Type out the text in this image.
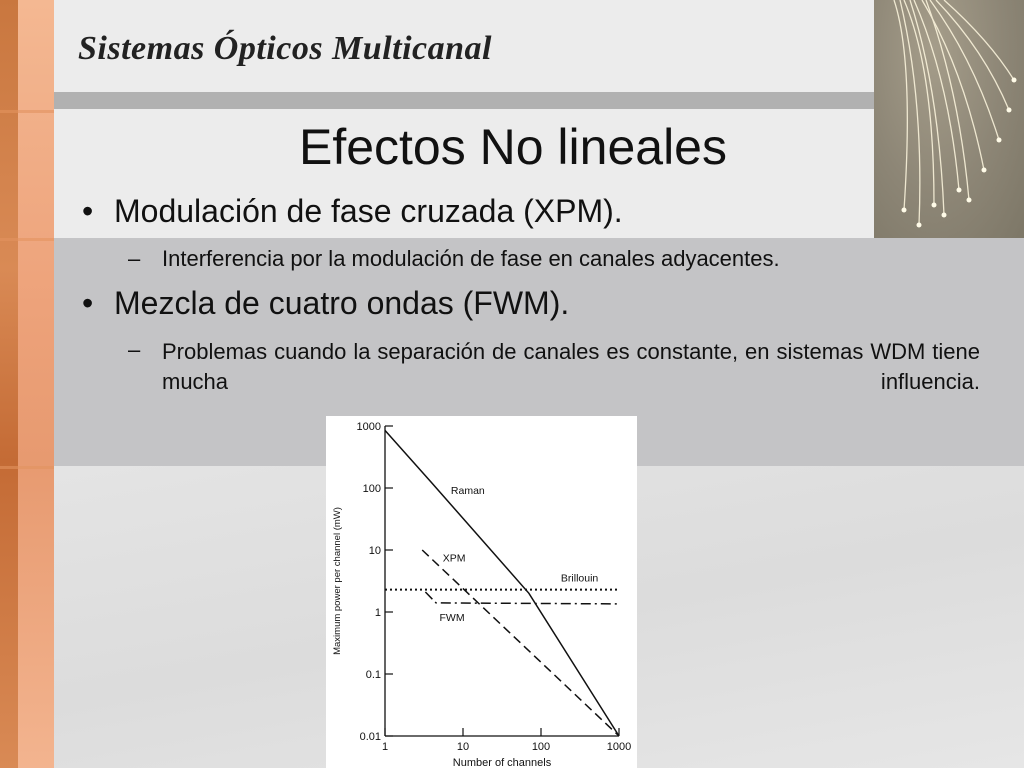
Sistemas Ópticos Multicanal
Efectos No lineales
• Modulación de fase cruzada (XPM).
– Interferencia por la modulación de fase en canales adyacentes.
• Mezcla de cuatro ondas (FWM).
– Problemas cuando la separación de canales es constante, en sistemas WDM tiene mucha influencia.
0.01
0.1
1
10
100
1000
1	10	100	1000
Number of channels
Maximum power per channel (mW)
Raman
XPM
Brillouin
FWM
